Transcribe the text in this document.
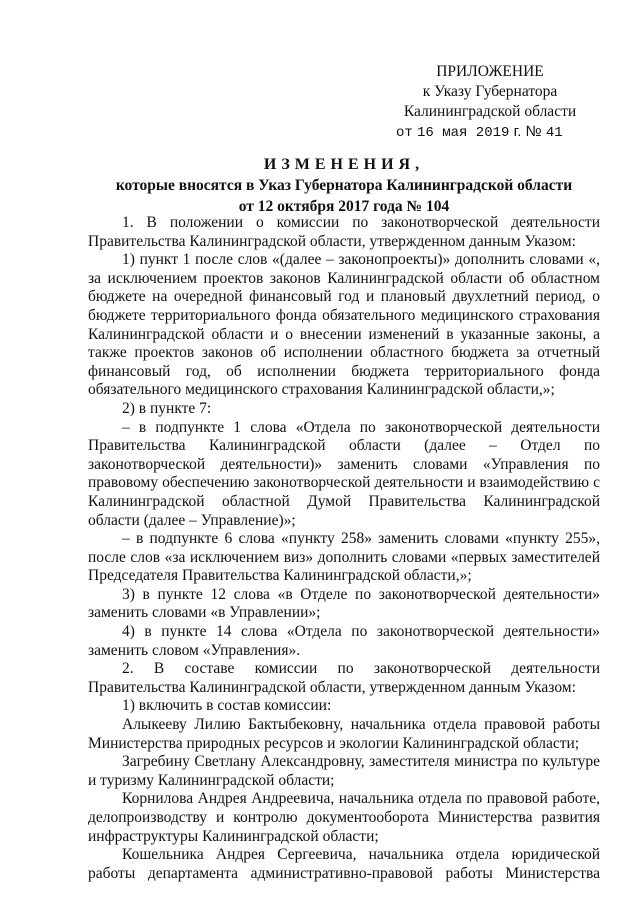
ПРИЛОЖЕНИЕ
к Указу Губернатора
Калининградской области
от 16 мая 2019 г. № 41
ИЗМЕНЕНИЯ,
которые вносятся в Указ Губернатора Калининградской области
от 12 октября 2017 года № 104

1. В положении о комиссии по законотворческой деятельности Правительства Калининградской области, утвержденном данным Указом:

1) пункт 1 после слов «(далее – законопроекты)» дополнить словами «, за исключением проектов законов Калининградской области об областном бюджете на очередной финансовый год и плановый двухлетний период, о бюджете территориального фонда обязательного медицинского страхования Калининградской области и о внесении изменений в указанные законы, а также проектов законов об исполнении областного бюджета за отчетный финансовый год, об исполнении бюджета территориального фонда обязательного медицинского страхования Калининградской области,»;

2) в пункте 7:

– в подпункте 1 слова «Отдела по законотворческой деятельности Правительства Калининградской области (далее – Отдел по законотворческой деятельности)» заменить словами «Управления по правовому обеспечению законотворческой деятельности и взаимодействию с Калининградской областной Думой Правительства Калининградской области (далее – Управление)»;

– в подпункте 6 слова «пункту 258» заменить словами «пункту 255», после слов «за исключением виз» дополнить словами «первых заместителей Председателя Правительства Калининградской области,»;

3) в пункте 12 слова «в Отделе по законотворческой деятельности» заменить словами «в Управлении»;

4) в пункте 14 слова «Отдела по законотворческой деятельности» заменить словом «Управления».

2. В составе комиссии по законотворческой деятельности Правительства Калининградской области, утвержденном данным Указом:

1) включить в состав комиссии:

Алыкееву Лилию Бактыбековну, начальника отдела правовой работы Министерства природных ресурсов и экологии Калининградской области;

Загребину Светлану Александровну, заместителя министра по культуре и туризму Калининградской области;

Корнилова Андрея Андреевича, начальника отдела по правовой работе, делопроизводству и контролю документооборота Министерства развития инфраструктуры Калининградской области;

Кошельника Андрея Сергеевича, начальника отдела юридической работы департамента административно-правовой работы Министерства
